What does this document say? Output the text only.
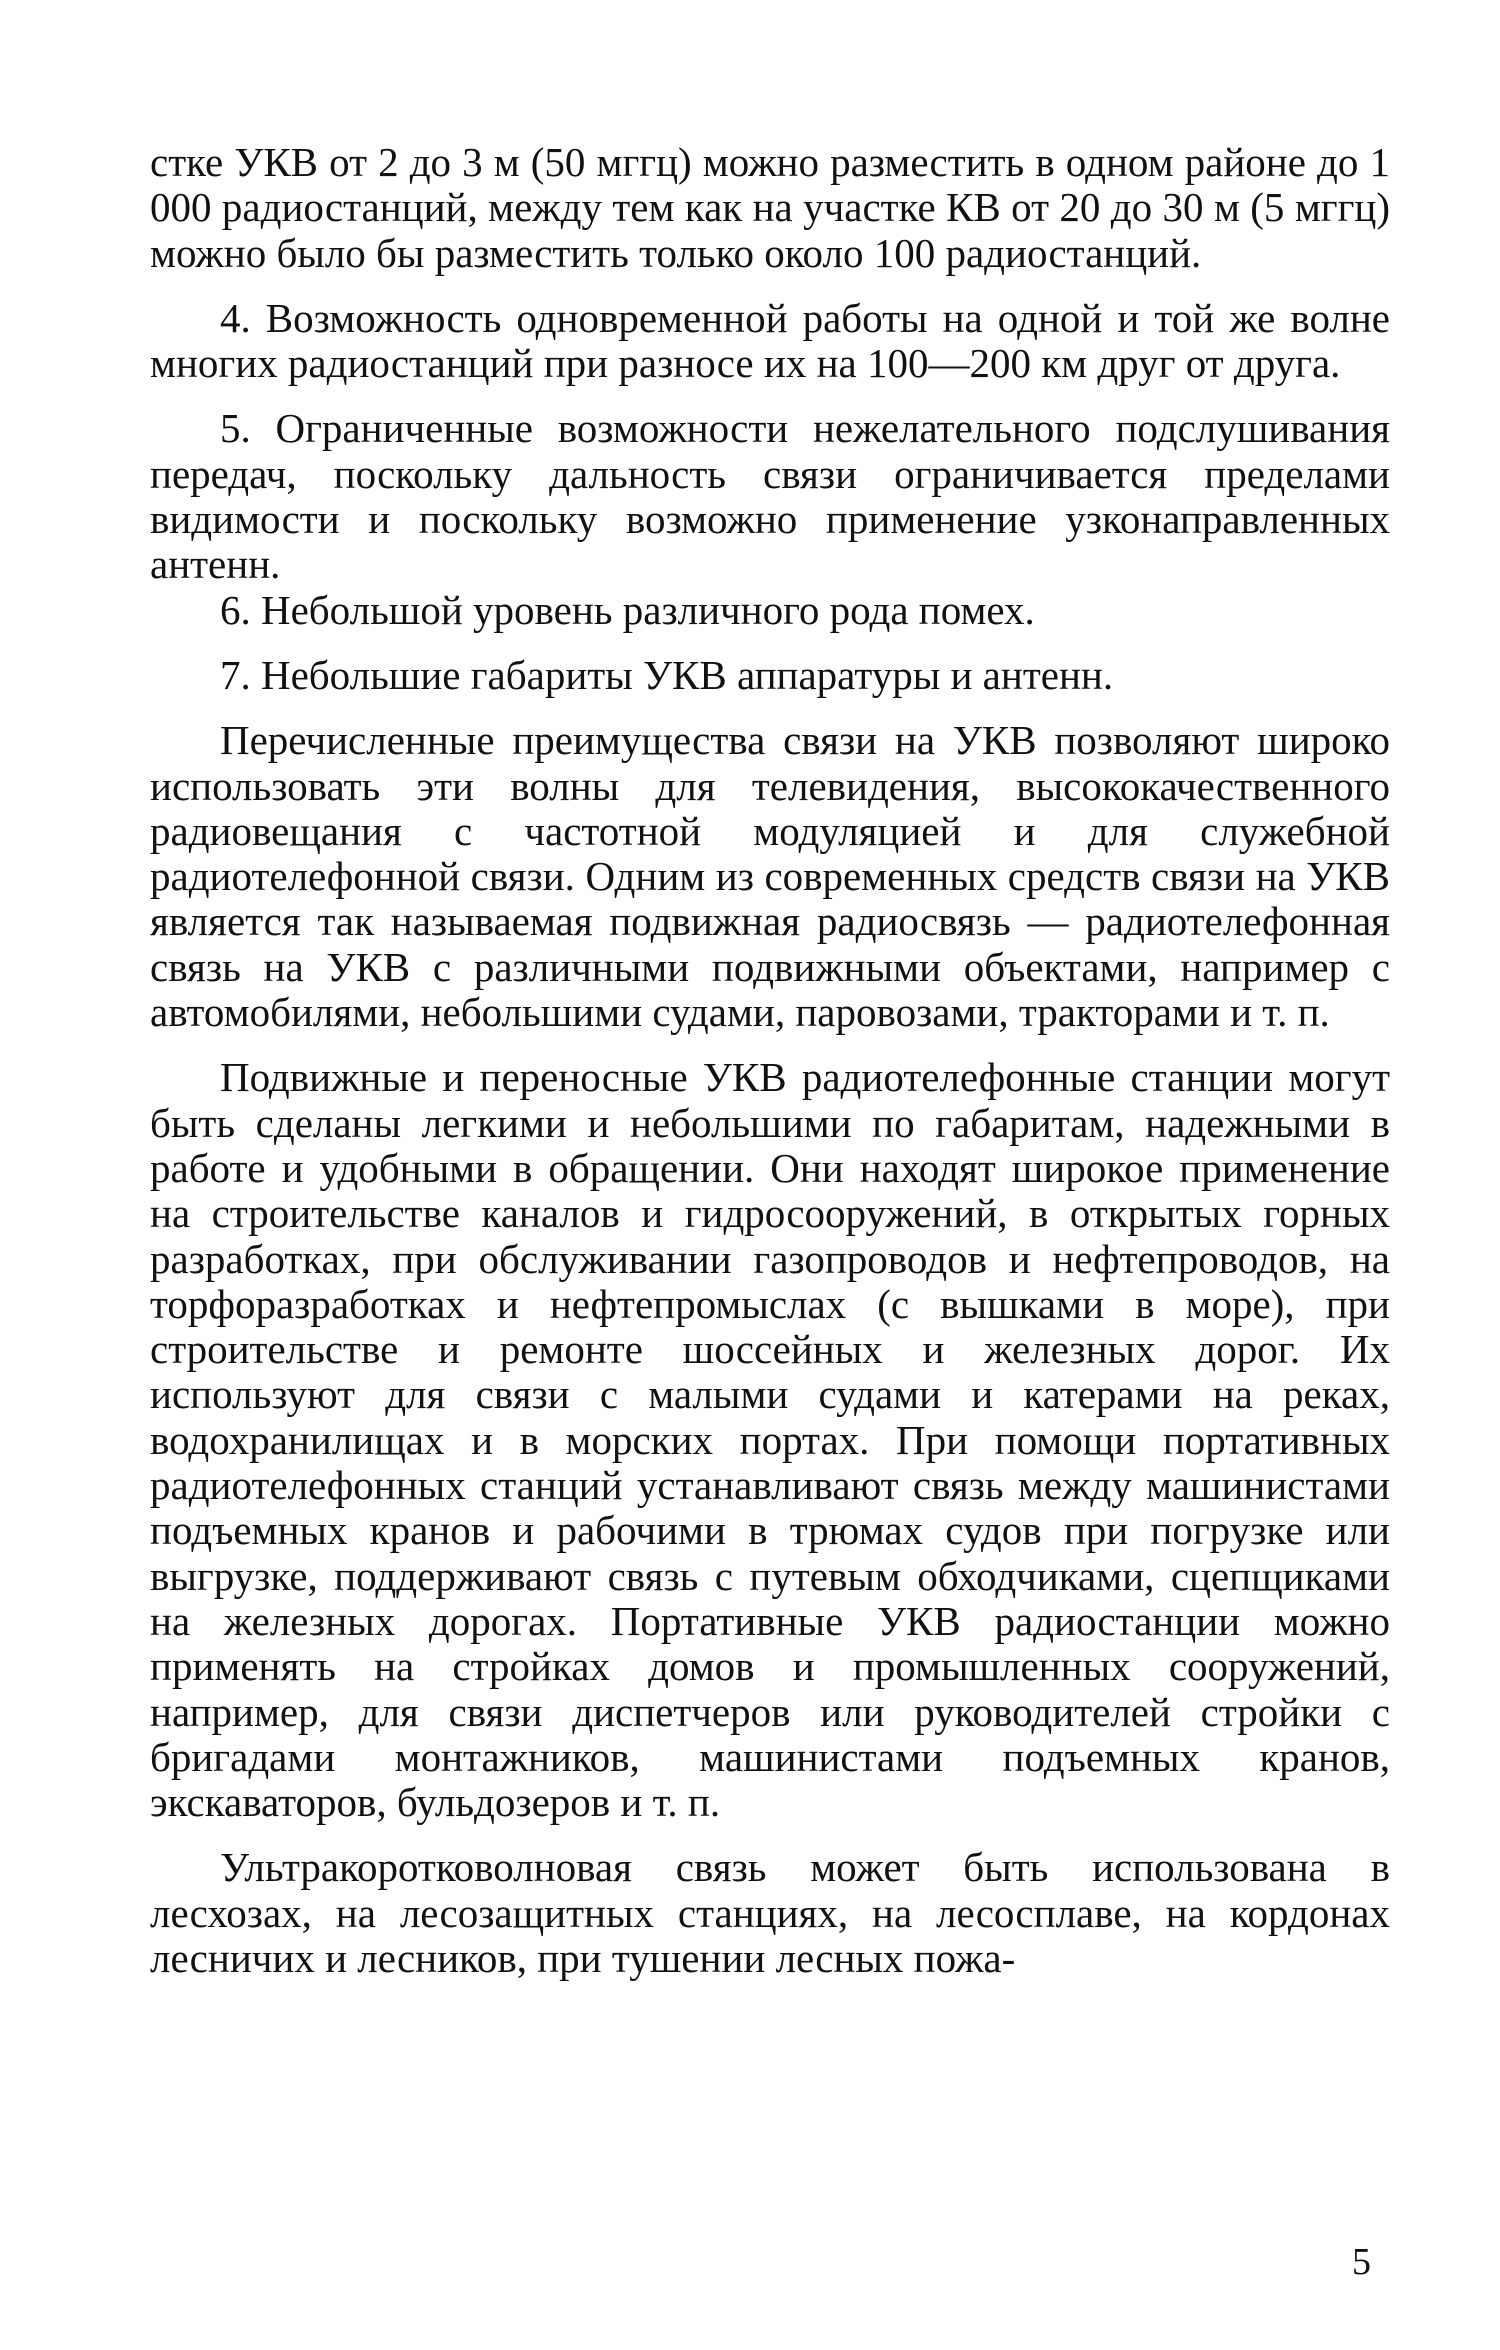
стке УКВ от 2 до 3 м (50 мггц) можно разместить в одном районе до 1 000 радиостанций, между тем как на участке КВ от 20 до 30 м (5 мггц) можно было бы разместить только около 100 радиостанций.

4. Возможность одновременной работы на одной и той же волне многих радиостанций при разносе их на 100—200 км друг от друга.

5. Ограниченные возможности нежелательного подслушивания передач, поскольку дальность связи ограничивается пределами видимости и поскольку возможно применение узконаправленных антенн.

6. Небольшой уровень различного рода помех.

7. Небольшие габариты УКВ аппаратуры и антенн.

Перечисленные преимущества связи на УКВ позволяют широко использовать эти волны для телевидения, высококачественного радиовещания с частотной модуляцией и для служебной радиотелефонной связи. Одним из современных средств связи на УКВ является так называемая подвижная радиосвязь — радиотелефонная связь на УКВ с различными подвижными объектами, например с автомобилями, небольшими судами, паровозами, тракторами и т. п.

Подвижные и переносные УКВ радиотелефонные станции могут быть сделаны легкими и небольшими по габаритам, надежными в работе и удобными в обращении. Они находят широкое применение на строительстве каналов и гидросооружений, в открытых горных разработках, при обслуживании газопроводов и нефтепроводов, на торфоразработках и нефтепромыслах (с вышками в море), при строительстве и ремонте шоссейных и железных дорог. Их используют для связи с малыми судами и катерами на реках, водохранилищах и в морских портах. При помощи портативных радиотелефонных станций устанавливают связь между машинистами подъемных кранов и рабочими в трюмах судов при погрузке или выгрузке, поддерживают связь с путевым обходчиками, сцепщиками на железных дорогах. Портативные УКВ радиостанции можно применять на стройках домов и промышленных сооружений, например, для связи диспетчеров или руководителей стройки с бригадами монтажников, машинистами подъемных кранов, экскаваторов, бульдозеров и т. п.

Ультракоротковолновая связь может быть использована в лесхозах, на лесозащитных станциях, на лесосплаве, на кордонах лесничих и лесников, при тушении лесных пожа-

5
